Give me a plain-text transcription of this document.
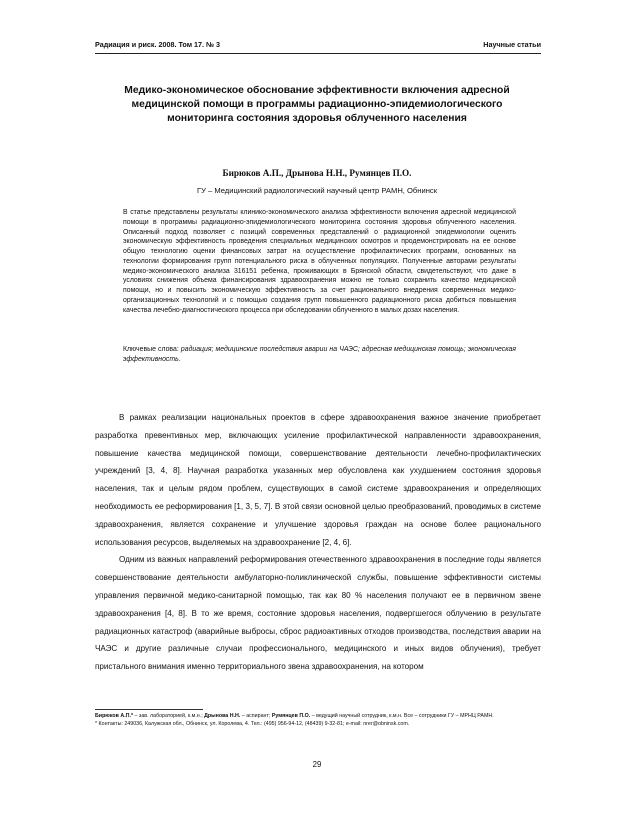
Радиация и риск. 2008. Том 17. № 3	Научные статьи
Медико-экономическое обоснование эффективности включения адресной медицинской помощи в программы радиационно-эпидемиологического мониторинга состояния здоровья облученного населения
Бирюков А.П., Дрынова Н.Н., Румянцев П.О.
ГУ – Медицинский радиологический научный центр РАМН, Обнинск

В статье представлены результаты клинико-экономического анализа эффективности включения адресной медицинской помощи в программы радиационно-эпидемиологического мониторинга состояния здоровья облученного населения. Описанный подход позволяет с позиций современных представлений о радиационной эпидемиологии оценить экономическую эффективность проведения специальных медицинских осмотров и продемонстрировать на ее основе общую технологию оценки финансовых затрат на осуществление профилактических программ, основанных на технологии формирования групп потенциального риска в облученных популяциях. Полученные авторами результаты медико-экономического анализа 316151 ребенка, проживающих в Брянской области, свидетельствуют, что даже в условиях снижения объема финансирования здравоохранения можно не только сохранить качество медицинской помощи, но и повысить экономическую эффективность за счет рационального внедрения современных медико-организационных технологий и с помощью создания групп повышенного радиационного риска добиться повышения качества лечебно-диагностического процесса при обследовании облученного в малых дозах населения.

Ключевые слова: радиация; медицинские последствия аварии на ЧАЭС; адресная медицинская помощь; экономическая эффективность.

В рамках реализации национальных проектов в сфере здравоохранения важное значение приобретает разработка превентивных мер, включающих усиление профилактической направленности здравоохранения, повышение качества медицинской помощи, совершенствование деятельности лечебно-профилактических учреждений [3, 4, 8]. Научная разработка указанных мер обусловлена как ухудшением состояния здоровья населения, так и целым рядом проблем, существующих в самой системе здравоохранения и определяющих необходимость ее реформирования [1, 3, 5, 7]. В этой связи основной целью преобразований, проводимых в системе здравоохранения, является сохранение и улучшение здоровья граждан на основе более рационального использования ресурсов, выделяемых на здравоохранение [2, 4, 6].

Одним из важных направлений реформирования отечественного здравоохранения в последние годы является совершенствование деятельности амбулаторно-поликлинической службы, повышение эффективности системы управления первичной медико-санитарной помощью, так как 80 % населения получают ее в первичном звене здравоохранения [4, 8]. В то же время, состояние здоровья населения, подвергшегося облучению в результате радиационных катастроф (аварийные выбросы, сброс радиоактивных отходов производства, последствия аварии на ЧАЭС и другие различные случаи профессионального, медицинского и иных видов облучения), требует пристального внимания именно территориального звена здравоохранения, на котором

Бирюков А.П.* – зав. лабораторией, к.м.н.; Дрынова Н.Н. – аспирант; Румянцев П.О. – ведущий научный сотрудник, к.м.н. Все – сотрудники ГУ – МРНЦ РАМН.

* Контакты: 249036, Калужская обл., Обнинск, ул. Королева, 4. Тел.: (495) 956-94-12, (48439) 9-32-81; e-mail: nrer@obninsk.com.

29
